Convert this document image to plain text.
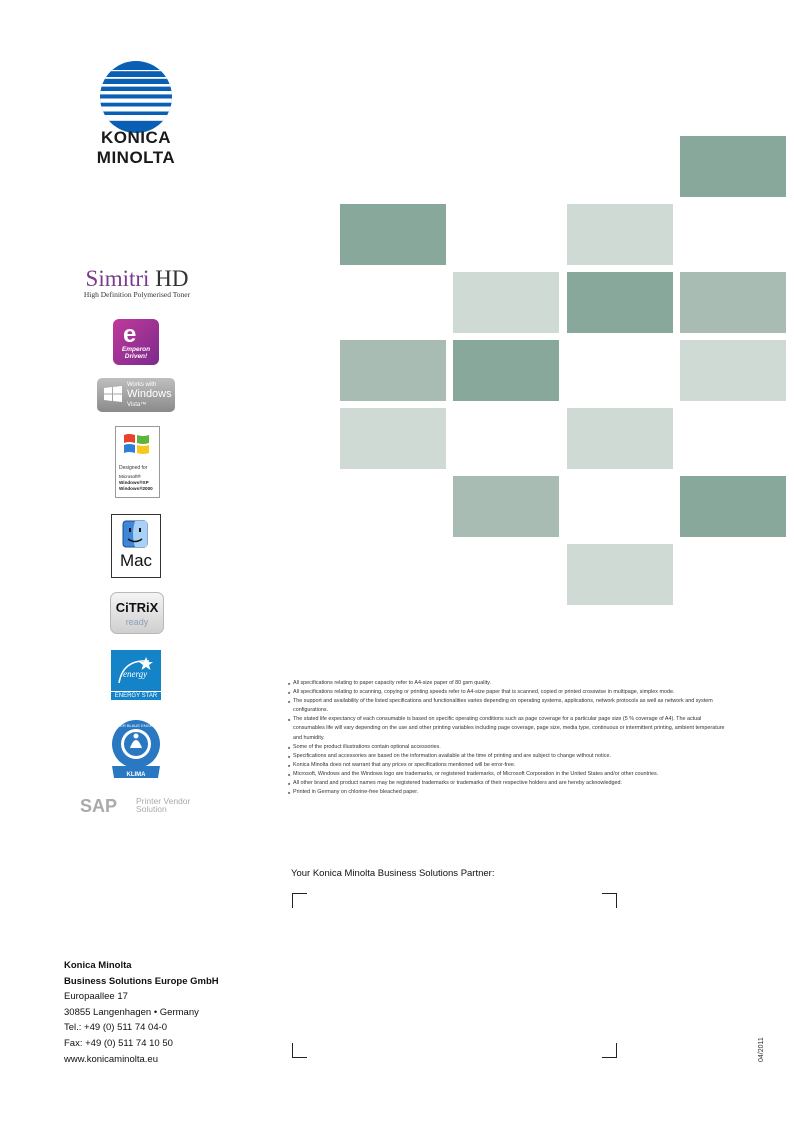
KONICA MINOLTA
Simitri HD
High Definition Polymerised Toner
e
Emperon
Driven!
Works with
Windows
Vista™
Designed for
Microsoft®
Windows®XP
Windows®2000
Mac
CiTRiX
ready
energy
ENERGY STAR
KLIMA
DER BLAUE ENGEL
SAP Printer Vendor
Solution
■ All specifications relating to paper capacity refer to A4-size paper of 80 gsm quality.
■ All specifications relating to scanning, copying or printing speeds refer to A4-size paper that is scanned, copied or printed crosswise in multipage, simplex mode.
■ The support and availability of the listed specifications and functionalities varies depending on operating systems, applications, network protocols as well as network and system configurations.
■ The stated life expectancy of each consumable is based on specific operating conditions such as page coverage for a particular page size (5 % coverage of A4). The actual consumables life will vary depending on the use and other printing variables including page coverage, page size, media type, continuous or intermittent printing, ambient temperature and humidity.
■ Some of the product illustrations contain optional accessories.
■ Specifications and accessories are based on the information available at the time of printing and are subject to change without notice.
■ Konica Minolta does not warrant that any prices or specifications mentioned will be error-free.
■ Microsoft, Windows and the Windows logo are trademarks, or registered trademarks, of Microsoft Corporation in the United States and/or other countries.
■ All other brand and product names may be registered trademarks or trademarks of their respective holders and are hereby acknowledged.
■ Printed in Germany on chlorine-free bleached paper.
Your Konica Minolta Business Solutions Partner:
Konica Minolta
Business Solutions Europe GmbH
Europaallee 17
30855 Langenhagen • Germany
Tel.: +49 (0) 511 74 04-0
Fax: +49 (0) 511 74 10 50
www.konicaminolta.eu	04/2011
